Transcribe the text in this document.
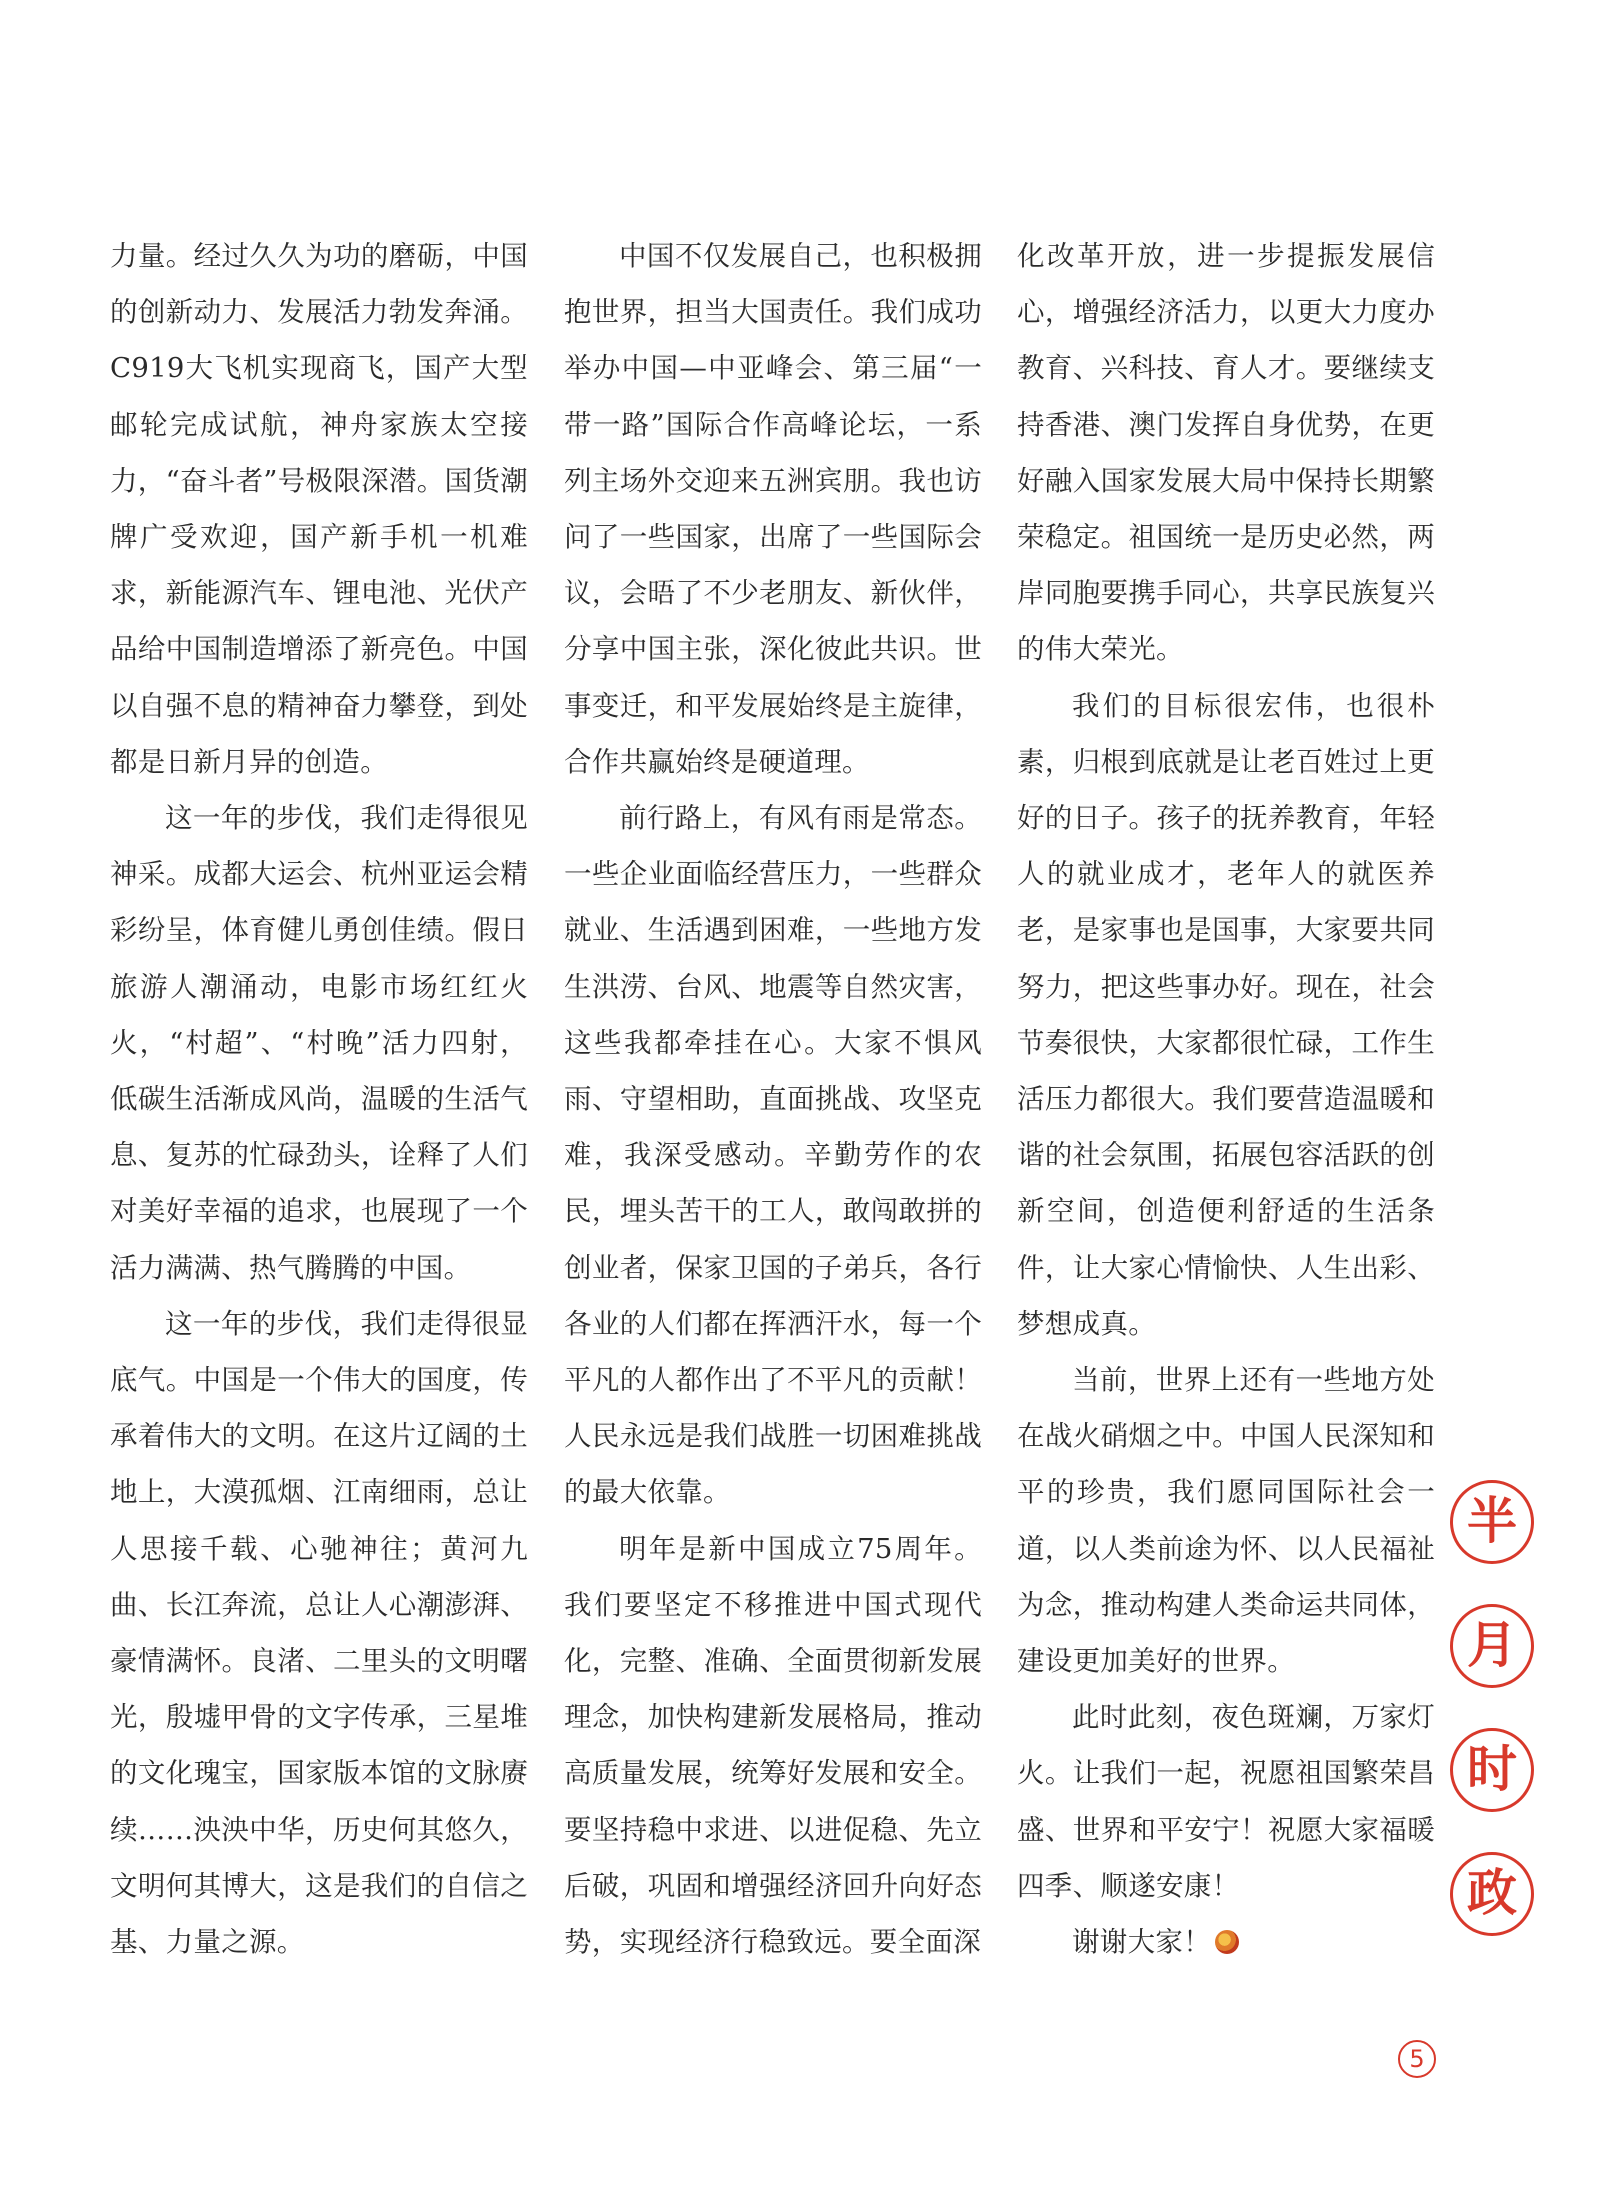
力量。经过久久为功的磨砺，中国的创新动力、发展活力勃发奔涌。C919大飞机实现商飞，国产大型邮轮完成试航，神舟家族太空接力，“奋斗者”号极限深潜。国货潮牌广受欢迎，国产新手机一机难求，新能源汽车、锂电池、光伏产品给中国制造增添了新亮色。中国以自强不息的精神奋力攀登，到处都是日新月异的创造。

这一年的步伐，我们走得很见神采。成都大运会、杭州亚运会精彩纷呈，体育健儿勇创佳绩。假日旅游人潮涌动，电影市场红红火火，“村超”、“村晚”活力四射，低碳生活渐成风尚，温暖的生活气息、复苏的忙碌劲头，诠释了人们对美好幸福的追求，也展现了一个活力满满、热气腾腾的中国。

这一年的步伐，我们走得很显底气。中国是一个伟大的国度，传承着伟大的文明。在这片辽阔的土地上，大漠孤烟、江南细雨，总让人思接千载、心驰神往；黄河九曲、长江奔流，总让人心潮澎湃、豪情满怀。良渚、二里头的文明曙光，殷墟甲骨的文字传承，三星堆的文化瑰宝，国家版本馆的文脉赓续……泱泱中华，历史何其悠久，文明何其博大，这是我们的自信之基、力量之源。

中国不仅发展自己，也积极拥抱世界，担当大国责任。我们成功举办中国—中亚峰会、第三届“一带一路”国际合作高峰论坛，一系列主场外交迎来五洲宾朋。我也访问了一些国家，出席了一些国际会议，会晤了不少老朋友、新伙伴，分享中国主张，深化彼此共识。世事变迁，和平发展始终是主旋律，合作共赢始终是硬道理。

前行路上，有风有雨是常态。一些企业面临经营压力，一些群众就业、生活遇到困难，一些地方发生洪涝、台风、地震等自然灾害，这些我都牵挂在心。大家不惧风雨、守望相助，直面挑战、攻坚克难，我深受感动。辛勤劳作的农民，埋头苦干的工人，敢闯敢拼的创业者，保家卫国的子弟兵，各行各业的人们都在挥洒汗水，每一个平凡的人都作出了不平凡的贡献！人民永远是我们战胜一切困难挑战的最大依靠。

明年是新中国成立75周年。我们要坚定不移推进中国式现代化，完整、准确、全面贯彻新发展理念，加快构建新发展格局，推动高质量发展，统筹好发展和安全。要坚持稳中求进、以进促稳、先立后破，巩固和增强经济回升向好态势，实现经济行稳致远。要全面深

化改革开放，进一步提振发展信心，增强经济活力，以更大力度办教育、兴科技、育人才。要继续支持香港、澳门发挥自身优势，在更好融入国家发展大局中保持长期繁荣稳定。祖国统一是历史必然，两岸同胞要携手同心，共享民族复兴的伟大荣光。

我们的目标很宏伟，也很朴素，归根到底就是让老百姓过上更好的日子。孩子的抚养教育，年轻人的就业成才，老年人的就医养老，是家事也是国事，大家要共同努力，把这些事办好。现在，社会节奏很快，大家都很忙碌，工作生活压力都很大。我们要营造温暖和谐的社会氛围，拓展包容活跃的创新空间，创造便利舒适的生活条件，让大家心情愉快、人生出彩、梦想成真。

当前，世界上还有一些地方处在战火硝烟之中。中国人民深知和平的珍贵，我们愿同国际社会一道，以人类前途为怀、以人民福祉为念，推动构建人类命运共同体，建设更加美好的世界。

此时此刻，夜色斑斓，万家灯火。让我们一起，祝愿祖国繁荣昌盛、世界和平安宁！祝愿大家福暖四季、顺遂安康！

谢谢大家！

半
月
时
政
5
